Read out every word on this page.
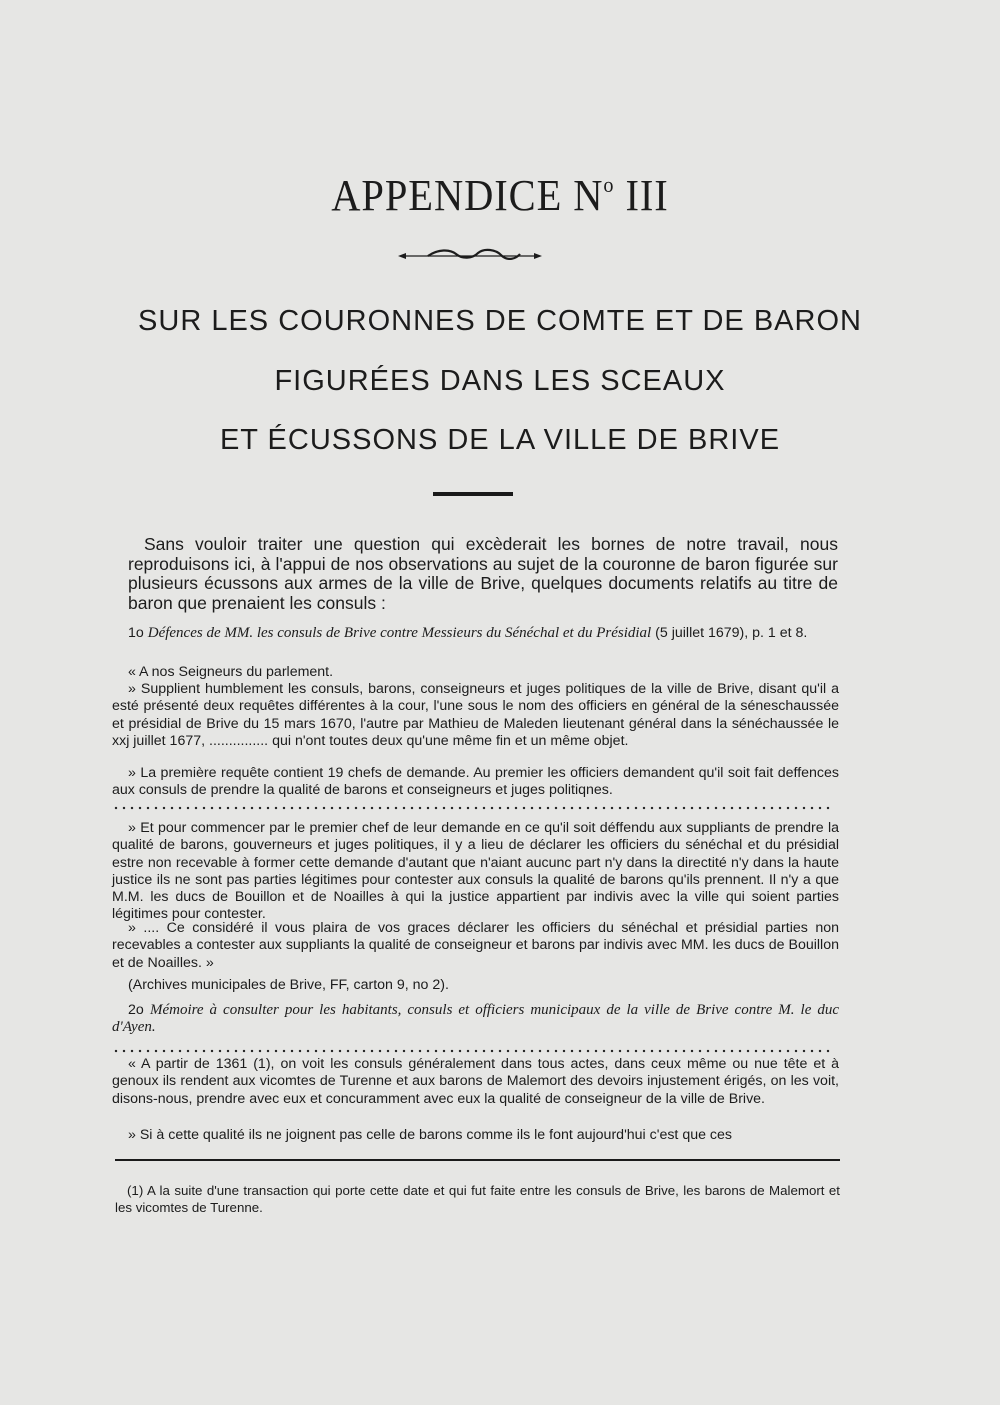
APPENDICE $N^o$ III
SUR LES COURONNES DE COMTE ET DE BARON
FIGURÉES DANS LES SCEAUX
ET ÉCUSSONS DE LA VILLE DE BRIVE

Sans vouloir traiter une question qui excèderait les bornes de notre travail, nous reproduisons ici, à l'appui de nos observations au sujet de la couronne de baron figurée sur plusieurs écussons aux armes de la ville de Brive, quelques documents relatifs au titre de baron que prenaient les consuls :

1o Défences de MM. les consuls de Brive contre Messieurs du Sénéchal et du Présidial (5 juillet 1679), p. 1 et 8.

« A nos Seigneurs du parlement.

» Supplient humblement les consuls, barons, conseigneurs et juges politiques de la ville de Brive, disant qu'il a esté présenté deux requêtes différentes à la cour, l'une sous le nom des officiers en général de la séneschaussée et présidial de Brive du 15 mars 1670, l'autre par Mathieu de Maleden lieutenant général dans la sénéchaussée le xxj juillet 1677, ............... qui n'ont toutes deux qu'une même fin et un même objet.

» La première requête contient 19 chefs de demande. Au premier les officiers demandent qu'il soit fait deffences aux consuls de prendre la qualité de barons et conseigneurs et juges politiqnes.

» Et pour commencer par le premier chef de leur demande en ce qu'il soit déffendu aux suppliants de prendre la qualité de barons, gouverneurs et juges politiques, il y a lieu de déclarer les officiers du sénéchal et du présidial estre non recevable à former cette demande d'autant que n'aiant aucunc part n'y dans la directité n'y dans la haute justice ils ne sont pas parties légitimes pour contester aux consuls la qualité de barons qu'ils prennent. Il n'y a que M.M. les ducs de Bouillon et de Noailles à qui la justice appartient par indivis avec la ville qui soient parties légitimes pour contester.

» .... Ce considéré il vous plaira de vos graces déclarer les officiers du sénéchal et présidial parties non recevables a contester aux suppliants la qualité de conseigneur et barons par indivis avec MM. les ducs de Bouillon et de Noailles. »

(Archives municipales de Brive, FF, carton 9, no 2).

2o Mémoire à consulter pour les habitants, consuls et officiers municipaux de la ville de Brive contre M. le duc d'Ayen.

« A partir de 1361 (1), on voit les consuls généralement dans tous actes, dans ceux même ou nue tête et à genoux ils rendent aux vicomtes de Turenne et aux barons de Malemort des devoirs injustement érigés, on les voit, disons-nous, prendre avec eux et concuramment avec eux la qualité de conseigneur de la ville de Brive.

» Si à cette qualité ils ne joignent pas celle de barons comme ils le font aujourd'hui c'est que ces

(1) A la suite d'une transaction qui porte cette date et qui fut faite entre les consuls de Brive, les barons de Malemort et les vicomtes de Turenne.
